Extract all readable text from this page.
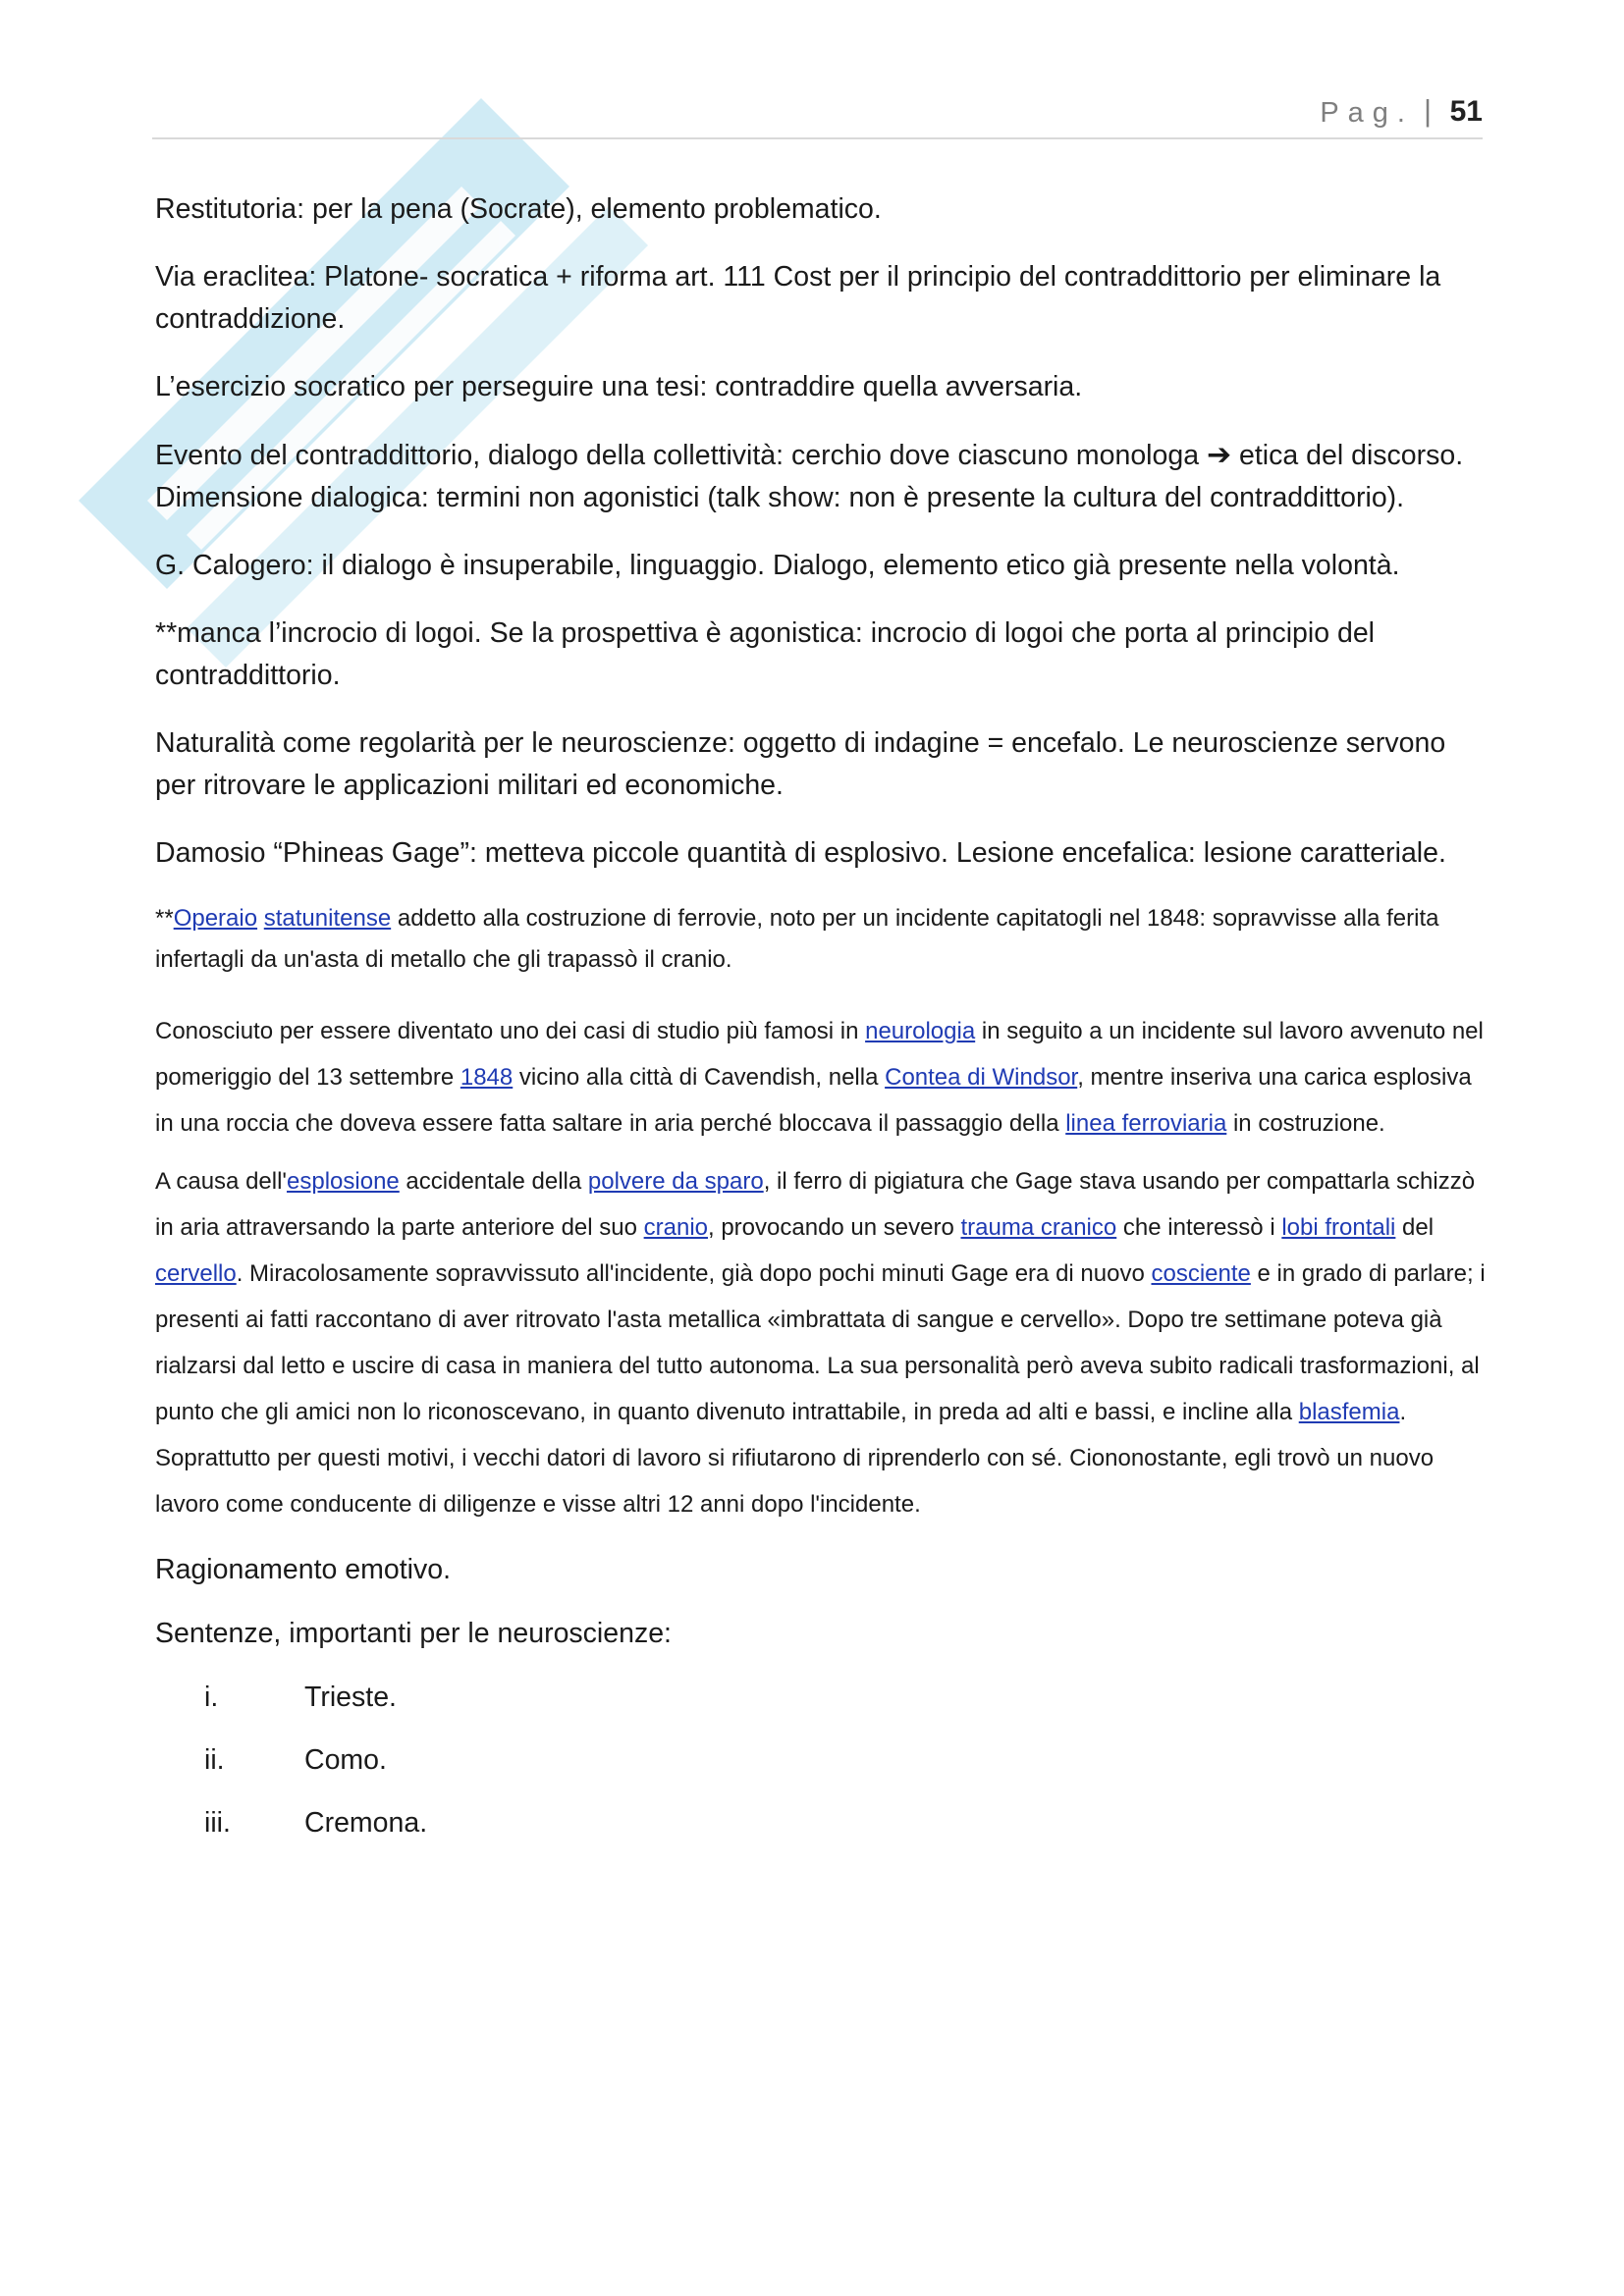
Pag. | 51

Restitutoria: per la pena (Socrate), elemento problematico.

Via eraclitea: Platone- socratica + riforma art. 111 Cost per il principio del contraddittorio per eliminare la contraddizione.

L’esercizio socratico per perseguire una tesi: contraddire quella avversaria.

Evento del contraddittorio, dialogo della collettività: cerchio dove ciascuno monologa ➔ etica del discorso.
Dimensione dialogica: termini non agonistici (talk show: non è presente la cultura del contraddittorio).

G. Calogero: il dialogo è insuperabile, linguaggio. Dialogo, elemento etico già presente nella volontà.

**manca l’incrocio di logoi. Se la prospettiva è agonistica: incrocio di logoi che porta al principio del contraddittorio.

Naturalità come regolarità per le neuroscienze: oggetto di indagine = encefalo. Le neuroscienze servono per ritrovare le applicazioni militari ed economiche.

Damosio “Phineas Gage”: metteva piccole quantità di esplosivo. Lesione encefalica: lesione caratteriale.

**Operaio statunitense addetto alla costruzione di ferrovie, noto per un incidente capitatogli nel 1848: sopravvisse alla ferita infertagli da un'asta di metallo che gli trapassò il cranio.

Conosciuto per essere diventato uno dei casi di studio più famosi in neurologia in seguito a un incidente sul lavoro avvenuto nel pomeriggio del 13 settembre 1848 vicino alla città di Cavendish, nella Contea di Windsor, mentre inseriva una carica esplosiva in una roccia che doveva essere fatta saltare in aria perché bloccava il passaggio della linea ferroviaria in costruzione.

A causa dell'esplosione accidentale della polvere da sparo, il ferro di pigiatura che Gage stava usando per compattarla schizzò in aria attraversando la parte anteriore del suo cranio, provocando un severo trauma cranico che interessò i lobi frontali del cervello. Miracolosamente sopravvissuto all'incidente, già dopo pochi minuti Gage era di nuovo cosciente e in grado di parlare; i presenti ai fatti raccontano di aver ritrovato l'asta metallica «imbrattata di sangue e cervello». Dopo tre settimane poteva già rialzarsi dal letto e uscire di casa in maniera del tutto autonoma. La sua personalità però aveva subito radicali trasformazioni, al punto che gli amici non lo riconoscevano, in quanto divenuto intrattabile, in preda ad alti e bassi, e incline alla blasfemia. Soprattutto per questi motivi, i vecchi datori di lavoro si rifiutarono di riprenderlo con sé. Ciononostante, egli trovò un nuovo lavoro come conducente di diligenze e visse altri 12 anni dopo l'incidente.

Ragionamento emotivo.

Sentenze, importanti per le neuroscienze:

i.	Trieste.
ii.	Como.
iii.	Cremona.
